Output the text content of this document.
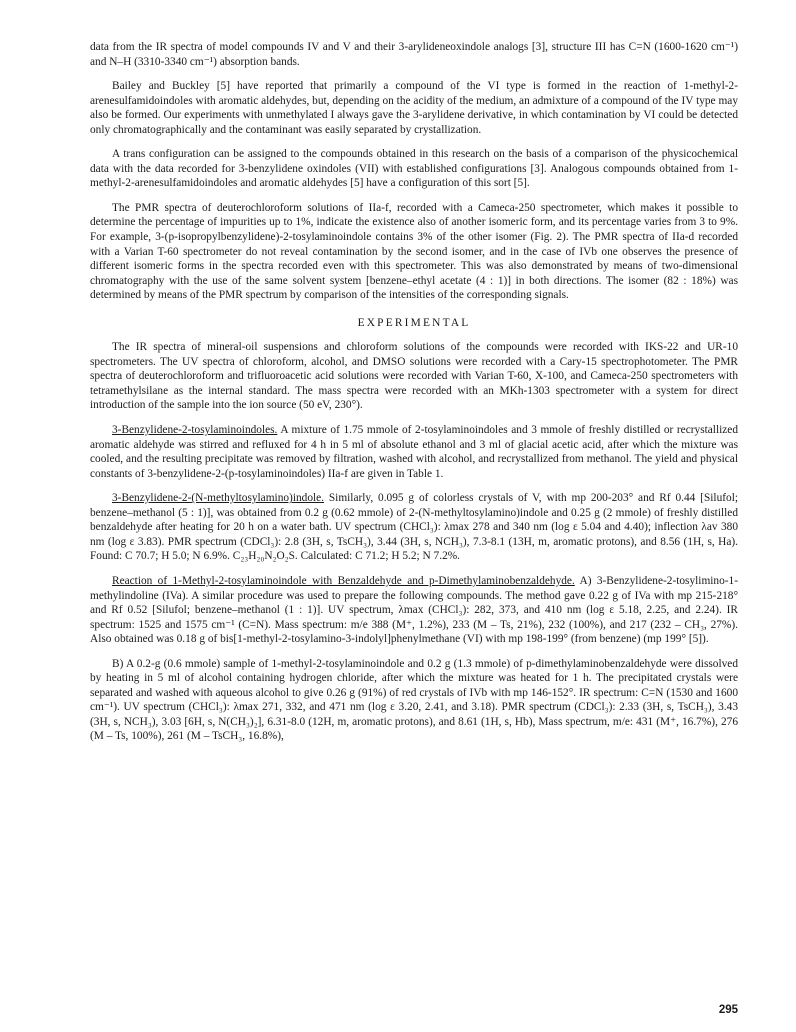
data from the IR spectra of model compounds IV and V and their 3-arylideneoxindole analogs [3], structure III has C=N (1600-1620 cm⁻¹) and N–H (3310-3340 cm⁻¹) absorption bands.

Bailey and Buckley [5] have reported that primarily a compound of the VI type is formed in the reaction of 1-methyl-2-arenesulfamidoindoles with aromatic aldehydes, but, depending on the acidity of the medium, an admixture of a compound of the IV type may also be formed. Our experiments with unmethylated I always gave the 3-arylidene derivative, in which contamination by VI could be detected only chromatographically and the contaminant was easily separated by crystallization.

A trans configuration can be assigned to the compounds obtained in this research on the basis of a comparison of the physicochemical data with the data recorded for 3-benzylidene oxindoles (VII) with established configurations [3]. Analogous compounds obtained from 1-methyl-2-arenesulfamidoindoles and aromatic aldehydes [5] have a configuration of this sort [5].

The PMR spectra of deuterochloroform solutions of IIa-f, recorded with a Cameca-250 spectrometer, which makes it possible to determine the percentage of impurities up to 1%, indicate the existence also of another isomeric form, and its percentage varies from 3 to 9%. For example, 3-(p-isopropylbenzylidene)-2-tosylaminoindole contains 3% of the other isomer (Fig. 2). The PMR spectra of IIa-d recorded with a Varian T-60 spectrometer do not reveal contamination by the second isomer, and in the case of IVb one observes the presence of different isomeric forms in the spectra recorded even with this spectrometer. This was also demonstrated by means of two-dimensional chromatography with the use of the same solvent system [benzene–ethyl acetate (4 : 1)] in both directions. The isomer (82 : 18%) was determined by means of the PMR spectrum by comparison of the intensities of the corresponding signals.

EXPERIMENTAL

The IR spectra of mineral-oil suspensions and chloroform solutions of the compounds were recorded with IKS-22 and UR-10 spectrometers. The UV spectra of chloroform, alcohol, and DMSO solutions were recorded with a Cary-15 spectrophotometer. The PMR spectra of deuterochloroform and trifluoroacetic acid solutions were recorded with Varian T-60, X-100, and Cameca-250 spectrometers with tetramethylsilane as the internal standard. The mass spectra were recorded with an MKh-1303 spectrometer with a system for direct introduction of the sample into the ion source (50 eV, 230°).

3-Benzylidene-2-tosylaminoindoles. A mixture of 1.75 mmole of 2-tosylaminoindoles and 3 mmole of freshly distilled or recrystallized aromatic aldehyde was stirred and refluxed for 4 h in 5 ml of absolute ethanol and 3 ml of glacial acetic acid, after which the mixture was cooled, and the resulting precipitate was removed by filtration, washed with alcohol, and recrystallized from methanol. The yield and physical constants of 3-benzylidene-2-(p-tosylaminoindoles) IIa-f are given in Table 1.

3-Benzylidene-2-(N-methyltosylamino)indole. Similarly, 0.095 g of colorless crystals of V, with mp 200-203° and Rf 0.44 [Silufol; benzene–methanol (5 : 1)], was obtained from 0.2 g (0.62 mmole) of 2-(N-methyltosylamino)indole and 0.25 g (2 mmole) of freshly distilled benzaldehyde after heating for 20 h on a water bath. UV spectrum (CHCl₃): λmax 278 and 340 nm (log ε 5.04 and 4.40); inflection λav 380 nm (log ε 3.83). PMR spectrum (CDCl₃): 2.8 (3H, s, TsCH₃), 3.44 (3H, s, NCH₃), 7.3-8.1 (13H, m, aromatic protons), and 8.56 (1H, s, Ha). Found: C 70.7; H 5.0; N 6.9%. C₂₃H₂₀N₂O₂S. Calculated: C 71.2; H 5.2; N 7.2%.

Reaction of 1-Methyl-2-tosylaminoindole with Benzaldehyde and p-Dimethylaminobenzaldehyde. A) 3-Benzylidene-2-tosylimino-1-methylindoline (IVa). A similar procedure was used to prepare the following compounds. The method gave 0.22 g of IVa with mp 215-218° and Rf 0.52 [Silufol; benzene–methanol (1 : 1)]. UV spectrum, λmax (CHCl₃): 282, 373, and 410 nm (log ε 5.18, 2.25, and 2.24). IR spectrum: 1525 and 1575 cm⁻¹ (C=N). Mass spectrum: m/e 388 (M⁺, 1.2%), 233 (M – Ts, 21%), 232 (100%), and 217 (232 – CH₃, 27%). Also obtained was 0.18 g of bis[1-methyl-2-tosylamino-3-indolyl]phenylmethane (VI) with mp 198-199° (from benzene) (mp 199° [5]).

B) A 0.2-g (0.6 mmole) sample of 1-methyl-2-tosylaminoindole and 0.2 g (1.3 mmole) of p-dimethylaminobenzaldehyde were dissolved by heating in 5 ml of alcohol containing hydrogen chloride, after which the mixture was heated for 1 h. The precipitated crystals were separated and washed with aqueous alcohol to give 0.26 g (91%) of red crystals of IVb with mp 146-152°. IR spectrum: C=N (1530 and 1600 cm⁻¹). UV spectrum (CHCl₃): λmax 271, 332, and 471 nm (log ε 3.20, 2.41, and 3.18). PMR spectrum (CDCl₃): 2.33 (3H, s, TsCH₃), 3.43 (3H, s, NCH₃), 3.03 [6H, s, N(CH₃)₂], 6.31-8.0 (12H, m, aromatic protons), and 8.61 (1H, s, Hb), Mass spectrum, m/e: 431 (M⁺, 16.7%), 276 (M – Ts, 100%), 261 (M – TsCH₃, 16.8%),

295
